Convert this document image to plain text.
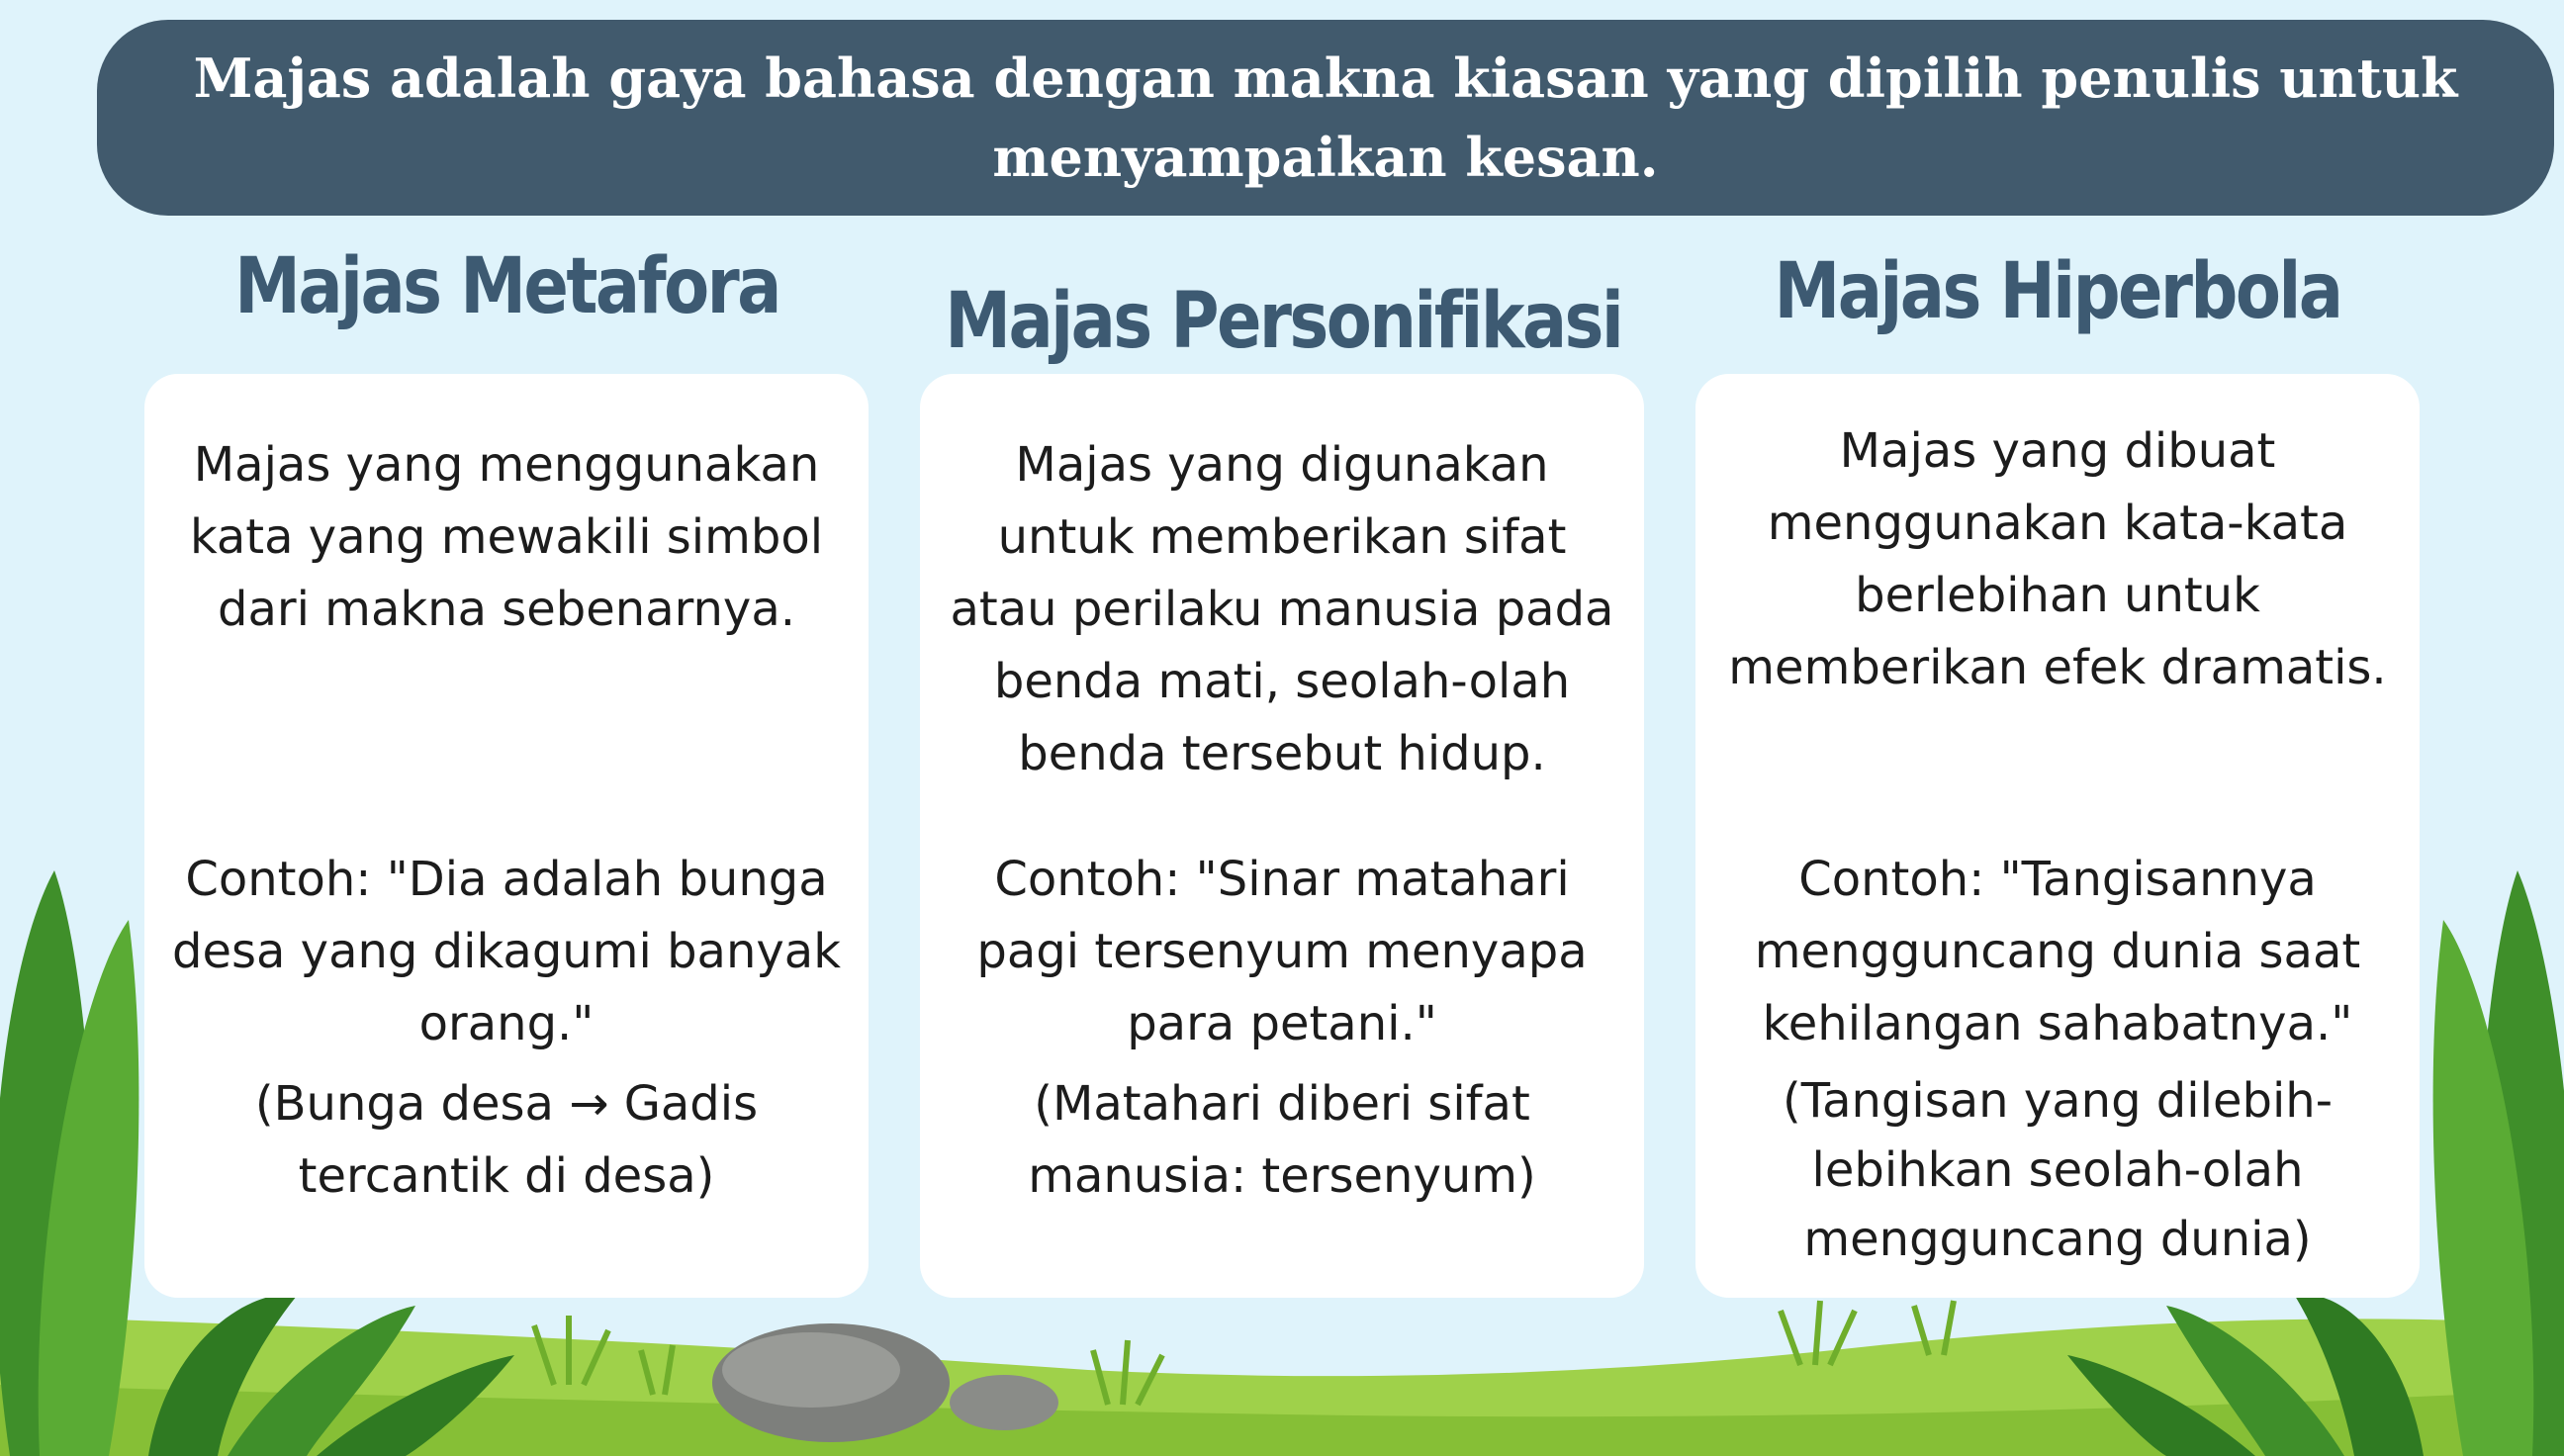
Majas adalah gaya bahasa dengan makna kiasan yang dipilih penulis untuk menyampaikan kesan.

Majas Metafora	Majas Personifikasi	Majas Hiperbola

Majas yang menggunakan kata yang mewakili simbol dari makna sebenarnya.

Contoh: "Dia adalah bunga desa yang dikagumi banyak orang."

(Bunga desa → Gadis tercantik di desa)

Majas yang digunakan untuk memberikan sifat atau perilaku manusia pada benda mati, seolah-olah benda tersebut hidup.

Contoh: "Sinar matahari pagi tersenyum menyapa para petani."

(Matahari diberi sifat manusia: tersenyum)

Majas yang dibuat menggunakan kata-kata berlebihan untuk memberikan efek dramatis.

Contoh: "Tangisannya mengguncang dunia saat kehilangan sahabatnya."

(Tangisan yang dilebih-lebihkan seolah-olah mengguncang dunia)
